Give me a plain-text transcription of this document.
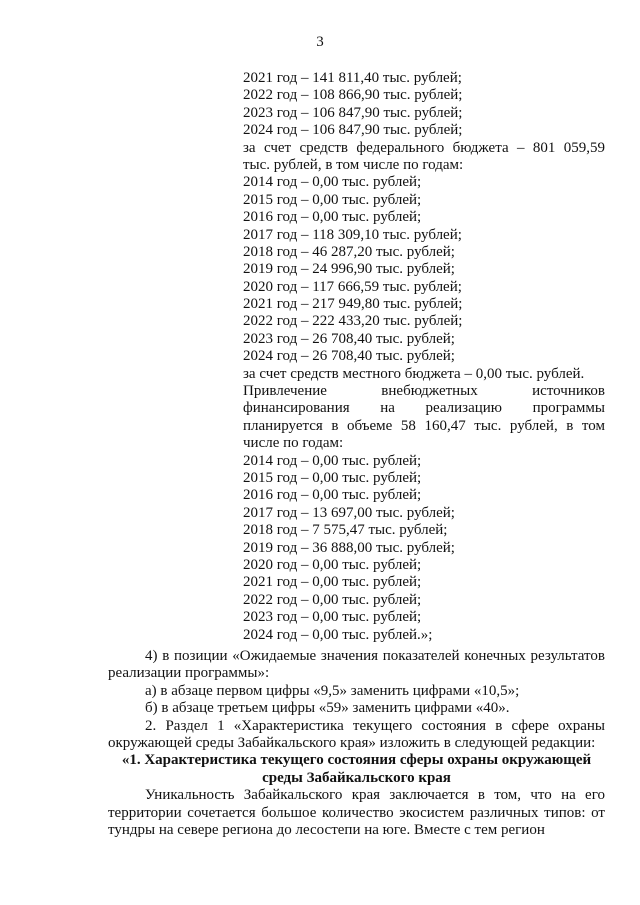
3
2021 год – 141 811,40 тыс. рублей;
2022 год – 108 866,90 тыс. рублей;
2023 год – 106 847,90 тыс. рублей;
2024 год – 106 847,90 тыс. рублей;
за счет средств федерального бюджета – 801 059,59
тыс. рублей, в том числе по годам:
2014 год – 0,00 тыс. рублей;
2015 год – 0,00 тыс. рублей;
2016 год – 0,00 тыс. рублей;
2017 год – 118 309,10 тыс. рублей;
2018 год – 46 287,20 тыс. рублей;
2019 год – 24 996,90 тыс. рублей;
2020 год – 117 666,59 тыс. рублей;
2021 год – 217 949,80 тыс. рублей;
2022 год – 222 433,20 тыс. рублей;
2023 год – 26 708,40 тыс. рублей;
2024 год – 26 708,40 тыс. рублей;
за счет средств местного бюджета – 0,00 тыс. рублей.
Привлечение внебюджетных источников
финансирования на реализацию программы
планируется в объеме 58 160,47 тыс. рублей, в том
числе по годам:
2014 год – 0,00 тыс. рублей;
2015 год – 0,00 тыс. рублей;
2016 год – 0,00 тыс. рублей;
2017 год – 13 697,00 тыс. рублей;
2018 год – 7 575,47 тыс. рублей;
2019 год – 36 888,00 тыс. рублей;
2020 год – 0,00 тыс. рублей;
2021 год – 0,00 тыс. рублей;
2022 год – 0,00 тыс. рублей;
2023 год – 0,00 тыс. рублей;
2024 год – 0,00 тыс. рублей.»;
4) в позиции «Ожидаемые значения показателей конечных результатов реализации программы»:
а) в абзаце первом цифры «9,5» заменить цифрами «10,5»;
б) в абзаце третьем цифры «59» заменить цифрами «40».
2. Раздел 1 «Характеристика текущего состояния в сфере охраны окружающей среды Забайкальского края» изложить в следующей редакции:
«1. Характеристика текущего состояния сферы охраны окружающей
среды Забайкальского края
Уникальность Забайкальского края заключается в том, что на его территории сочетается большое количество экосистем различных типов: от тундры на севере региона до лесостепи на юге. Вместе с тем регион
